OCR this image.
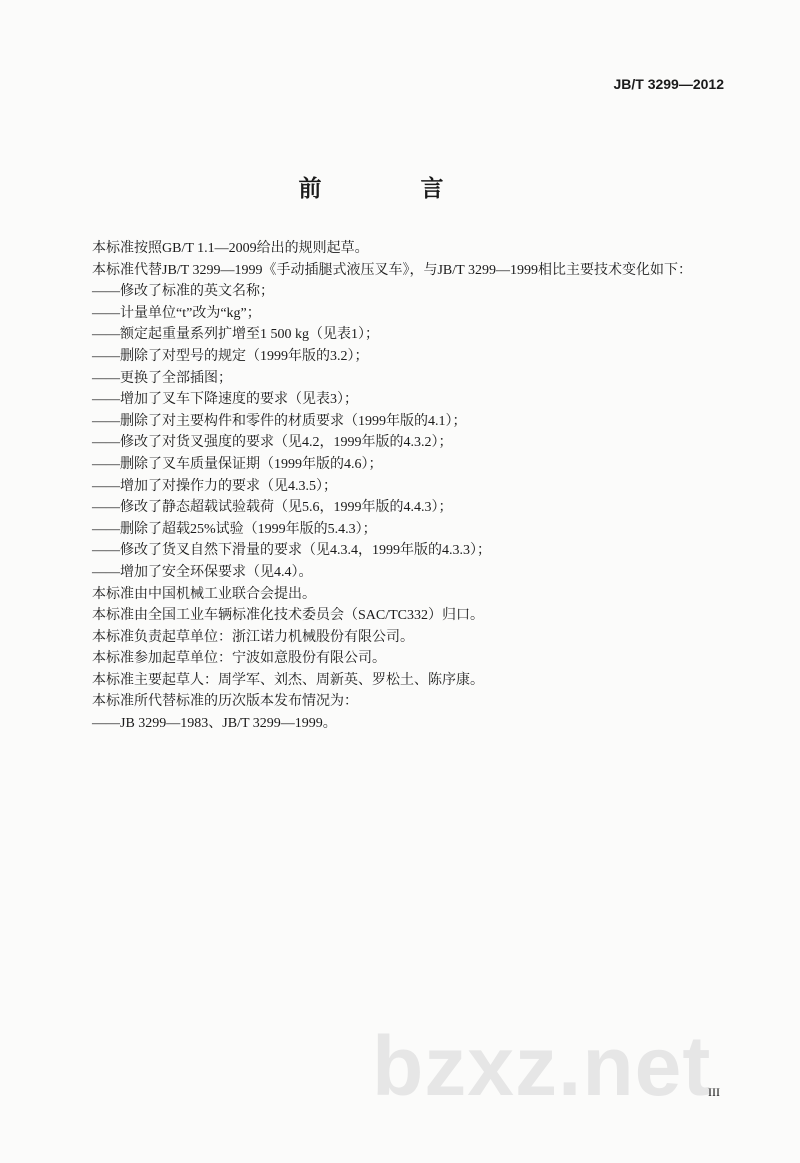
JB/T 3299—2012
前　言
本标准按照GB/T 1.1—2009给出的规则起草。
本标准代替JB/T 3299—1999《手动插腿式液压叉车》，与JB/T 3299—1999相比主要技术变化如下：
——修改了标准的英文名称；
——计量单位“t”改为“kg”；
——额定起重量系列扩增至1 500 kg（见表1）；
——删除了对型号的规定（1999年版的3.2）；
——更换了全部插图；
——增加了叉车下降速度的要求（见表3）；
——删除了对主要构件和零件的材质要求（1999年版的4.1）；
——修改了对货叉强度的要求（见4.2，1999年版的4.3.2）；
——删除了叉车质量保证期（1999年版的4.6）；
——增加了对操作力的要求（见4.3.5）；
——修改了静态超载试验载荷（见5.6，1999年版的4.4.3）；
——删除了超载25%试验（1999年版的5.4.3）；
——修改了货叉自然下滑量的要求（见4.3.4，1999年版的4.3.3）；
——增加了安全环保要求（见4.4）。
本标准由中国机械工业联合会提出。
本标准由全国工业车辆标准化技术委员会（SAC/TC332）归口。
本标准负责起草单位：浙江诺力机械股份有限公司。
本标准参加起草单位：宁波如意股份有限公司。
本标准主要起草人：周学军、刘杰、周新英、罗松土、陈序康。
本标准所代替标准的历次版本发布情况为：
——JB 3299—1983、JB/T 3299—1999。
bzxz.net
III
